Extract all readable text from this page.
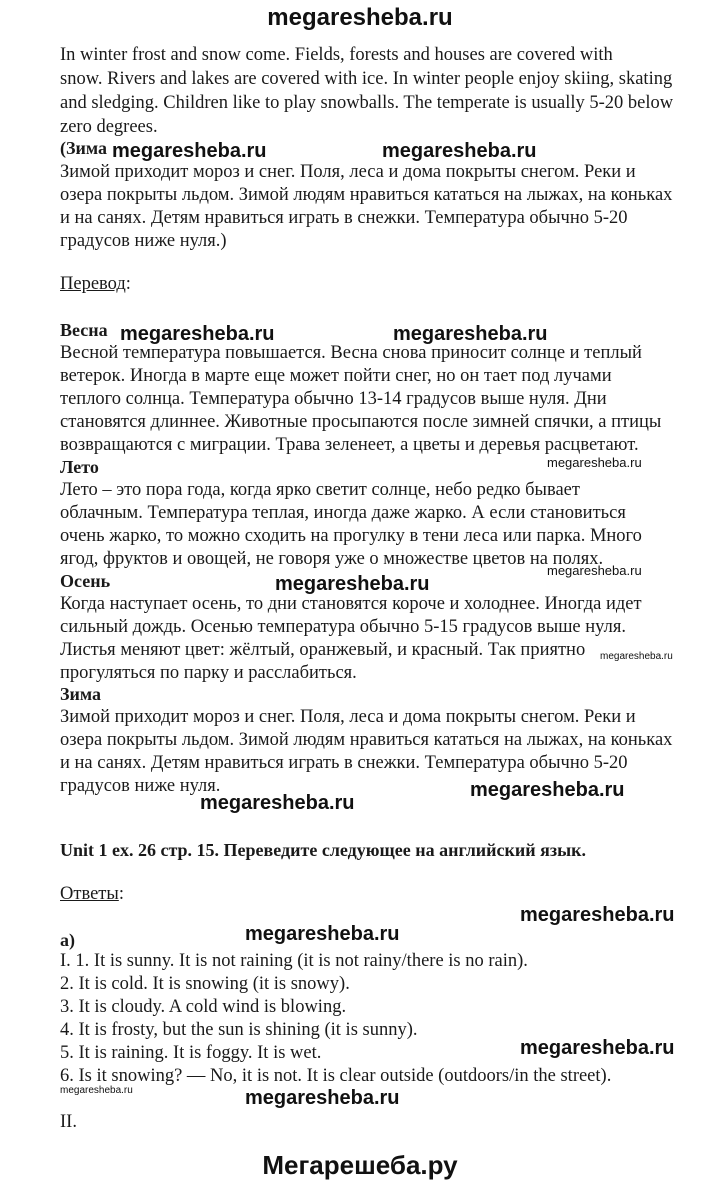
megaresheba.ru
In winter frost and snow come. Fields, forests and houses are covered with
snow. Rivers and lakes are covered with ice. In winter people enjoy skiing, skating
and sledging. Children like to play snowballs. The temperate is usually 5-20 below
zero degrees.
(Зима
Зимой приходит мороз и снег. Поля, леса и дома покрыты снегом. Реки и
озера покрыты льдом. Зимой людям нравиться кататься на лыжах, на коньках
и на санях. Детям нравиться играть в снежки. Температура обычно 5-20
градусов ниже нуля.)
Перевод:
Весна
Весной температура повышается. Весна снова приносит солнце и теплый
ветерок. Иногда в марте еще может пойти снег, но он тает под лучами
теплого солнца. Температура обычно 13-14 градусов выше нуля. Дни
становятся длиннее. Животные просыпаются после зимней спячки, а птицы
возвращаются с миграции. Трава зеленеет, а цветы и деревья расцветают.
Лето
Лето – это пора года, когда ярко светит солнце, небо редко бывает
облачным. Температура теплая, иногда даже жарко. А если становиться
очень жарко, то можно сходить на прогулку в тени леса или парка. Много
ягод, фруктов и овощей, не говоря уже о множестве цветов на полях.
Осень
Когда наступает осень, то дни становятся короче и холоднее. Иногда идет
сильный дождь. Осенью температура обычно 5-15 градусов выше нуля.
Листья меняют цвет: жёлтый, оранжевый, и красный. Так приятно
прогуляться по парку и расслабиться.
Зима
Зимой приходит мороз и снег. Поля, леса и дома покрыты снегом. Реки и
озера покрыты льдом. Зимой людям нравиться кататься на лыжах, на коньках
и на санях. Детям нравиться играть в снежки. Температура обычно 5-20
градусов ниже нуля.
Unit 1 ex. 26 стр. 15. Переведите следующее на английский язык.
Ответы:
а)
I. 1. It is sunny. It is not raining (it is not rainy/there is no rain).
2. It is cold. It is snowing (it is snowy).
3. It is cloudy. A cold wind is blowing.
4. It is frosty, but the sun is shining (it is sunny).
5. It is raining. It is foggy. It is wet.
6. Is it snowing? — No, it is not. It is clear outside (outdoors/in the street).
II.
megaresheba.ru	megaresheba.ru
megaresheba.ru	megaresheba.ru
megaresheba.ru
megaresheba.ru
megaresheba.ru
megaresheba.ru
megaresheba.ru
megaresheba.ru
megaresheba.ru
megaresheba.ru
megaresheba.ru
megaresheba.ru	megaresheba.ru
Мегарешеба.ру
